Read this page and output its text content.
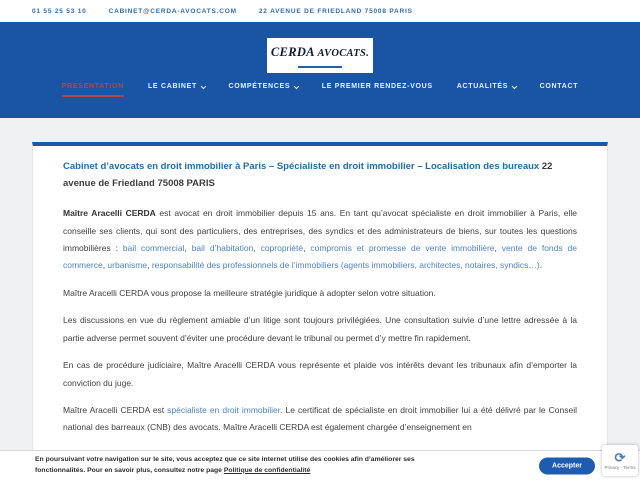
01 55 25 53 10	CABINET@CERDA-AVOCATS.COM	22 AVENUE DE FRIEDLAND 75008 PARIS
CERDA AVOCATS.
PRÉSENTATION	LE CABINET	COMPÉTENCES	LE PREMIER RENDEZ-VOUS	ACTUALITÉS	CONTACT
Cabinet d’avocats en droit immobilier à Paris – Spécialiste en droit immobilier – Localisation des bureaux 22 avenue de Friedland 75008 PARIS

Maître Aracelli CERDA est avocat en droit immobilier depuis 15 ans. En tant qu’avocat spécialiste en droit immobilier à Paris, elle conseille ses clients, qui sont des particuliers, des entreprises, des syndics et des administrateurs de biens, sur toutes les questions immobilières : bail commercial, bail d’habitation, copropriété, compromis et promesse de vente immobilière, vente de fonds de commerce, urbanisme, responsabilité des professionnels de l’immobiliers (agents immobiliers, architectes, notaires, syndics…).

Maître Aracelli CERDA vous propose la meilleure stratégie juridique à adopter selon votre situation.

Les discussions en vue du règlement amiable d’un litige sont toujours privilégiées. Une consultation suivie d’une lettre adressée à la partie adverse permet souvent d’éviter une procédure devant le tribunal ou permet d’y mettre fin rapidement.

En cas de procédure judiciaire, Maître Aracelli CERDA vous représente et plaide vos intérêts devant les tribunaux afin d’emporter la conviction du juge.

Maître Aracelli CERDA est spécialiste en droit immobilier. Le certificat de spécialiste en droit immobilier lui a été délivré par le Conseil national des barreaux (CNB) des avocats. Maître Aracelli CERDA est également chargée d’enseignement en

En poursuivant votre navigation sur le site, vous acceptez que ce site internet utilise des cookies afin d’améliorer ses fonctionnalités. Pour en savoir plus, consultez notre page Politique de confidentialité
Accepter
⟳
Privacy - Terms
